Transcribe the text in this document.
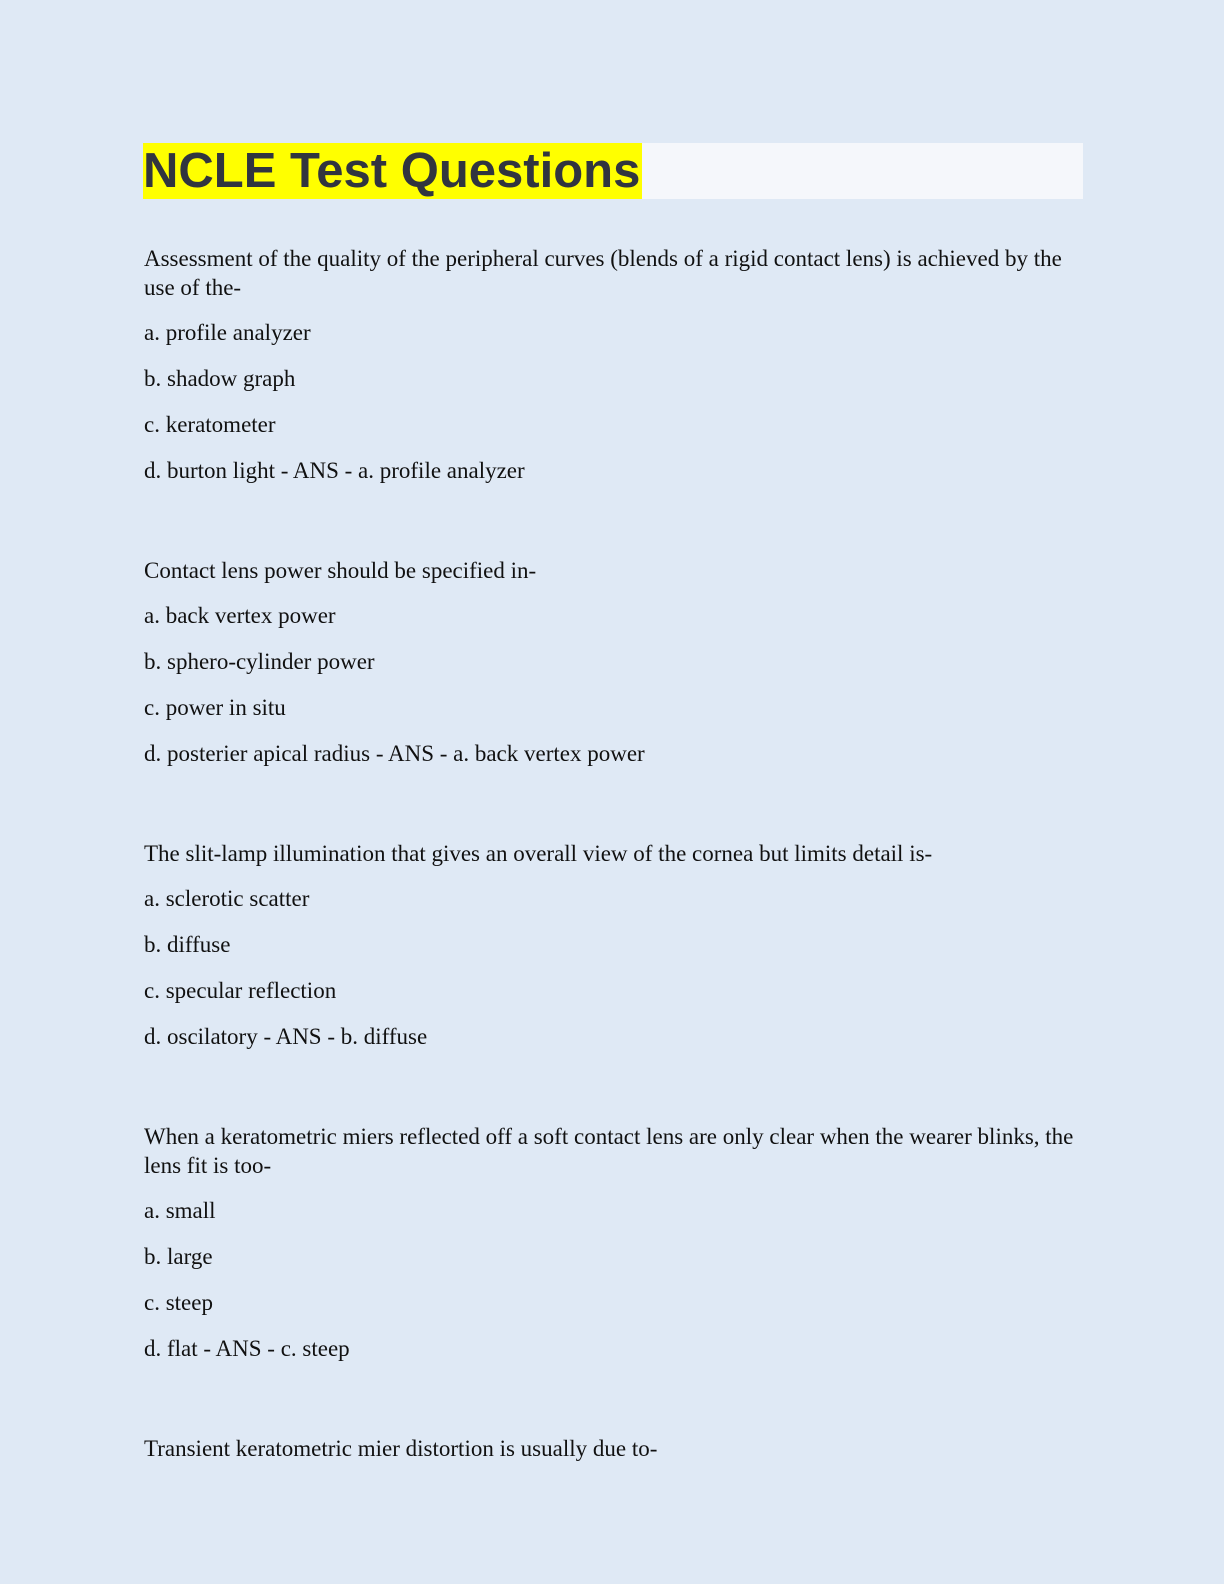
NCLE Test Questions

Assessment of the quality of the peripheral curves (blends of a rigid contact lens) is achieved by the use of the-

a. profile analyzer

b. shadow graph

c. keratometer

d. burton light - ANS - a. profile analyzer

Contact lens power should be specified in-

a. back vertex power

b. sphero-cylinder power

c. power in situ

d. posterier apical radius - ANS - a. back vertex power

The slit-lamp illumination that gives an overall view of the cornea but limits detail is-

a. sclerotic scatter

b. diffuse

c. specular reflection

d. oscilatory - ANS - b. diffuse

When a keratometric miers reflected off a soft contact lens are only clear when the wearer blinks, the lens fit is too-

a. small

b. large

c. steep

d. flat - ANS - c. steep

Transient keratometric mier distortion is usually due to-
